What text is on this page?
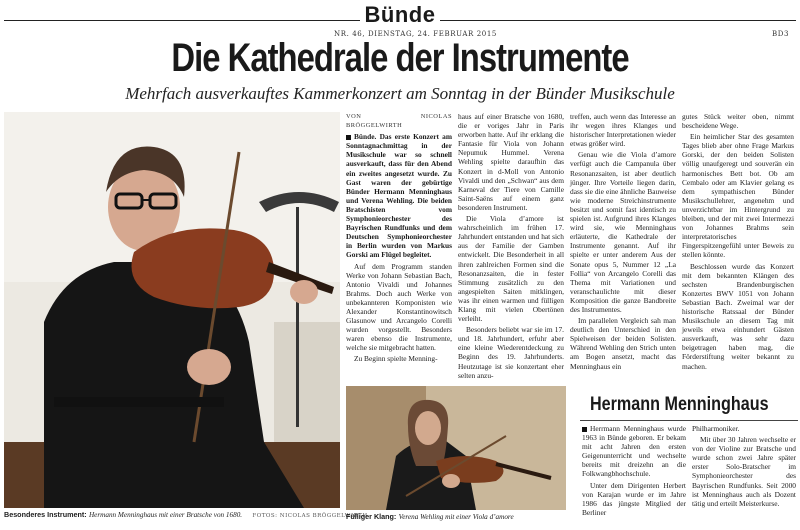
Bünde
NR. 46, DIENSTAG, 24. FEBRUAR 2015	BD3
Die Kathedrale der Instrumente
Mehrfach ausverkauftes Kammerkonzert am Sonntag in der Bünder Musikschule
Besonderes Instrument: Hermann Menninghaus mit einer Bratsche von 1680. FOTOS: NICOLAS BRÖGGELWIRTH

VON NICOLAS BRÖGGELWIRTH

Bünde. Das erste Konzert am Sonntagnachmittag in der Musikschule war so schnell ausverkauft, dass für den Abend ein zweites angesetzt wurde. Zu Gast waren der gebürtige Bünder Hermann Menninghaus und Verena Wehling. Die beiden Bratschisten vom Symphonieorchester des Bayrischen Rundfunks und dem Deutschen Symphonieorchester in Berlin wurden von Markus Gorski am Flügel begleitet.

Auf dem Programm standen Werke von Johann Sebastian Bach, Antonio Vivaldi und Johannes Brahms. Doch auch Werke von unbekannteren Komponisten wie Alexander Konstantinowitsch Glasunow und Arcangelo Corelli wurden vorgestellt. Besonders waren ebenso die Instrumente, welche sie mitgebracht hatten.

Zu Beginn spielte Menning-

haus auf einer Bratsche von 1680, die er voriges Jahr in Paris erworben hatte. Auf ihr erklang die Fantasie für Viola von Johann Nepumuk Hummel. Verena Wehling spielte daraufhin das Konzert in d-Moll von Antonio Vivaldi und den „Schwan“ aus dem Karneval der Tiere von Camille Saint-Saëns auf einem ganz besonderen Instrument.

Die Viola d’amore ist wahrscheinlich im frühen 17. Jahrhundert entstanden und hat sich aus der Familie der Gamben entwickelt. Die Besonderheit in all ihren zahlreichen Formen sind die Resonanzsaiten, die in fester Stimmung zusätzlich zu den angespielten Saiten mitklingen, was ihr einen warmen und fülligen Klang mit vielen Obertönen verleiht.

Besonders beliebt war sie im 17. und 18. Jahrhundert, erfuhr aber eine kleine Wiederentdeckung zu Beginn des 19. Jahrhunderts. Heutzutage ist sie konzertant eher selten anzu-

treffen, auch wenn das Interesse an ihr wegen ihres Klanges und historischer Interpretationen wieder etwas größer wird.

Genau wie die Viola d’amore verfügt auch die Campanula über Resonanzsaiten, ist aber deutlich jünger. Ihre Vorteile liegen darin, dass sie die eine ähnliche Bauweise wie moderne Streichinstrumente besitzt und somit fast identisch zu spielen ist. Aufgrund ihres Klanges wird sie, wie Menninghaus erläuterte, die Kathedrale der Instrumente genannt. Auf ihr spielte er unter anderem Aus der Sonate opus 5, Nummer 12 „La Follia“ von Arcangelo Corelli das Thema mit Variationen und veranschaulichte mit dieser Komposition die ganze Bandbreite des Instrumentes.

Im parallelen Vergleich sah man deutlich den Unterschied in den Spielweisen der beiden Solisten. Während Wehling den Strich unten am Bogen ansetzt, macht das Menninghaus ein

gutes Stück weiter oben, nimmt bescheidene Wege.

Ein heimlicher Star des gesamten Tages blieb aber ohne Frage Markus Gorski, der den beiden Solisten völlig unaufgeregt und souverän ein harmonisches Bett bot. Ob am Cembalo oder am Klavier gelang es dem sympathischen Bünder Musikschullehrer, angenehm und unverzichtbar im Hintergrund zu bleiben, und der mit zwei Intermezzi von Johannes Brahms sein interpretatorisches Fingerspitzengefühl unter Beweis zu stellen könnte.

Beschlossen wurde das Konzert mit dem bekannten Klängen des sechsten Brandenburgischen Konzertes BWV 1051 von Johann Sebastian Bach. Zweimal war der historische Ratssaal der Bünder Musikschule an diesem Tag mit jeweils etwa einhundert Gästen ausverkauft, was sehr dazu beigetragen haben mag, die Förderstiftung weiter bekannt zu machen.

Fülliger Klang: Verena Wehling mit einer Viola d’amore
Hermann Menninghaus

Herrmann Menninghaus wurde 1963 in Bünde geboren. Er bekam mit acht Jahren den ersten Geigenunterricht und wechselte bereits mit dreizehn an die Folkwangbhochschule.

Unter dem Dirigenten Herbert von Karajan wurde er im Jahre 1986 das jüngste Mitglied der Berliner

Philharmoniker.

Mit über 30 Jahren wechselte er von der Violine zur Bratsche und wurde schon zwei Jahre später erster Solo-Bratscher im Symphonieorchester des Bayrischen Rundfunks. Seit 2000 ist Menninghaus auch als Dozent tätig und erteilt Meisterkurse.
